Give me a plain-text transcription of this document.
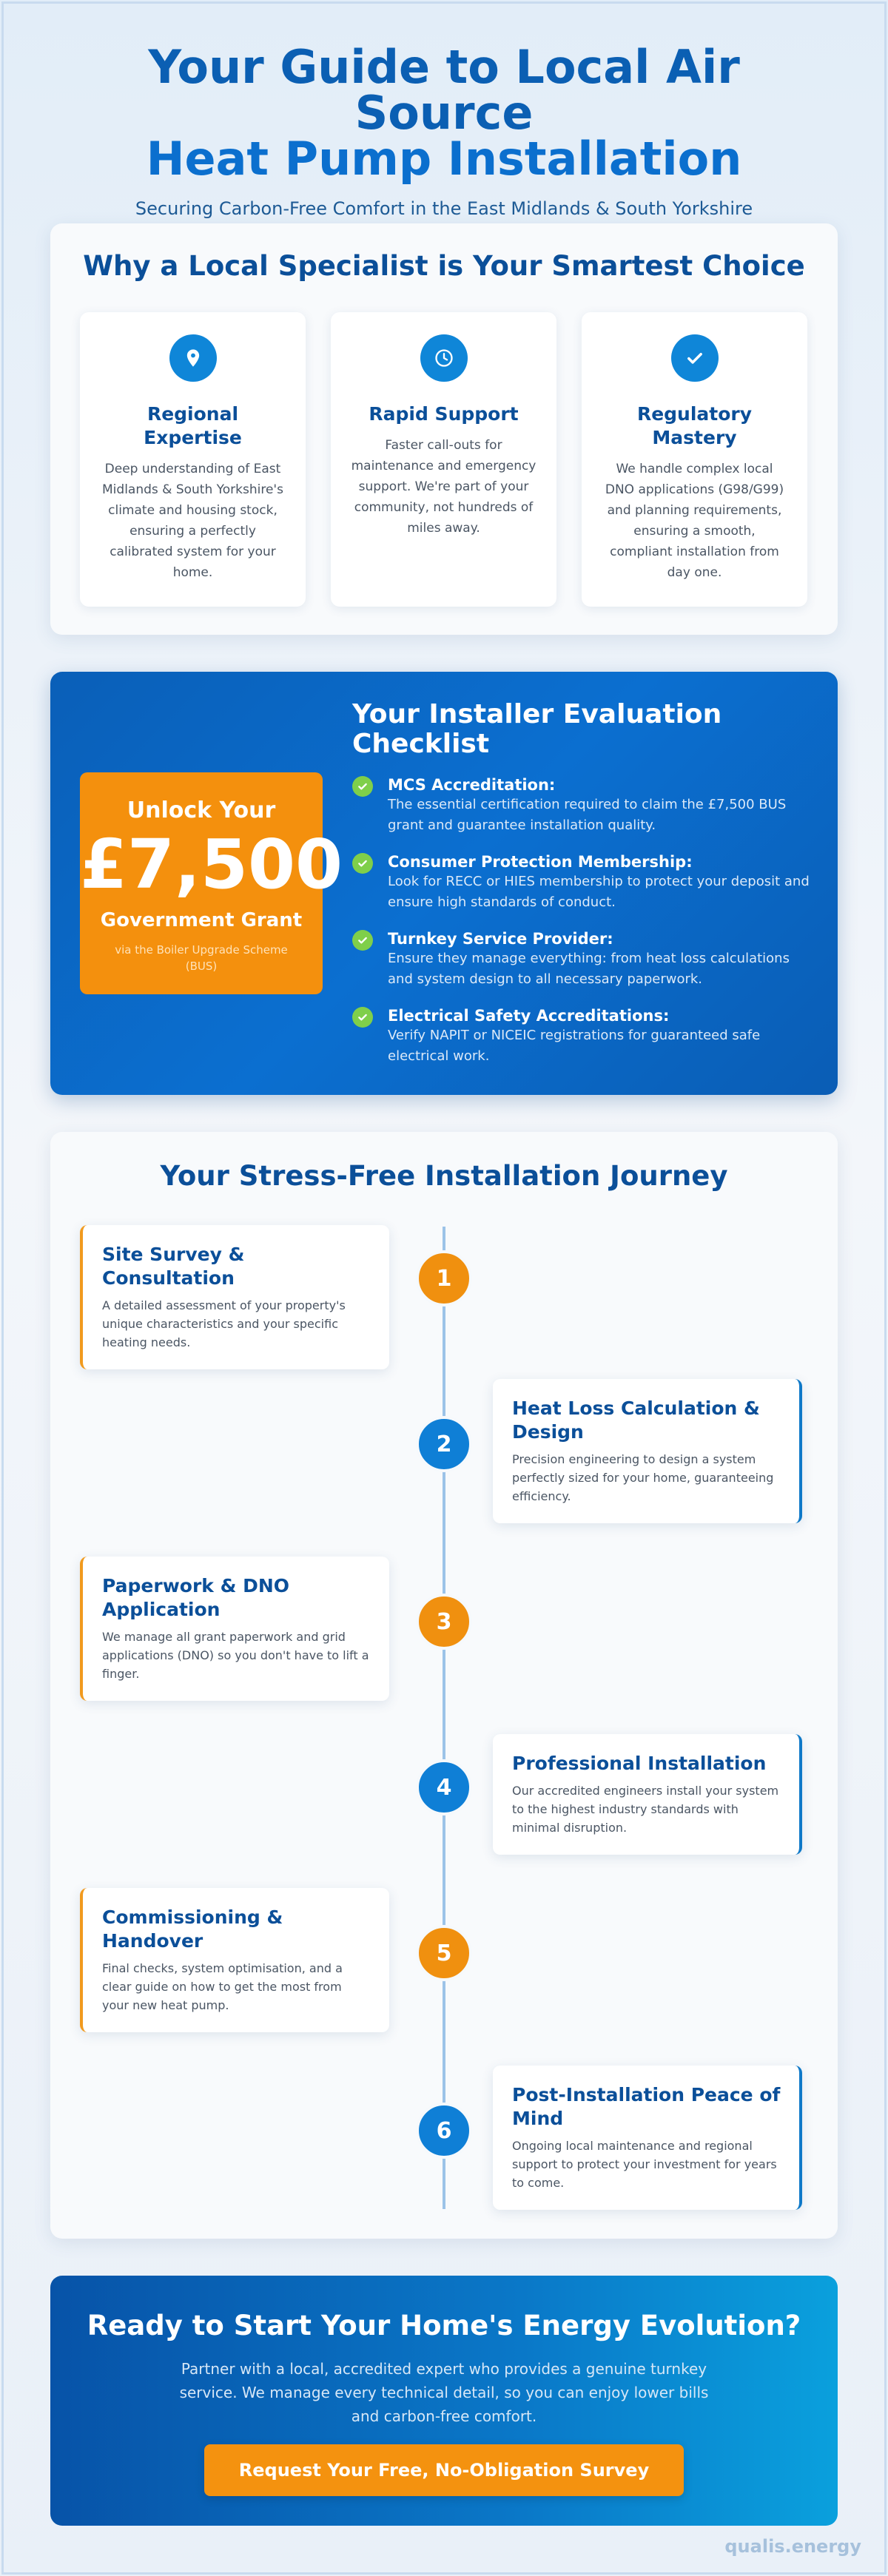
Your Guide to Local Air Source
Heat Pump Installation

Securing Carbon-Free Comfort in the East Midlands & South Yorkshire

Why a Local Specialist is Your Smartest Choice
Regional Expertise

Deep understanding of East Midlands & South Yorkshire's climate and housing stock, ensuring a perfectly calibrated system for your home.

Rapid Support

Faster call-outs for maintenance and emergency support. We're part of your community, not hundreds of miles away.

Regulatory Mastery

We handle complex local DNO applications (G98/G99) and planning requirements, ensuring a smooth, compliant installation from day one.

Unlock Your
£7,500
Government Grant
via the Boiler Upgrade Scheme (BUS)
Your Installer Evaluation Checklist
MCS Accreditation:

The essential certification required to claim the £7,500 BUS grant and guarantee installation quality.

Consumer Protection Membership:

Look for RECC or HIES membership to protect your deposit and ensure high standards of conduct.

Turnkey Service Provider:

Ensure they manage everything: from heat loss calculations and system design to all necessary paperwork.

Electrical Safety Accreditations:

Verify NAPIT or NICEIC registrations for guaranteed safe electrical work.

Your Stress-Free Installation Journey
Site Survey & Consultation

A detailed assessment of your property's unique characteristics and your specific heating needs.

1
Heat Loss Calculation & Design

Precision engineering to design a system perfectly sized for your home, guaranteeing efficiency.

2
Paperwork & DNO Application

We manage all grant paperwork and grid applications (DNO) so you don't have to lift a finger.

3
Professional Installation

Our accredited engineers install your system to the highest industry standards with minimal disruption.

4
Commissioning & Handover

Final checks, system optimisation, and a clear guide on how to get the most from your new heat pump.

5
Post-Installation Peace of Mind

Ongoing local maintenance and regional support to protect your investment for years to come.

6
Ready to Start Your Home's Energy Evolution?

Partner with a local, accredited expert who provides a genuine turnkey service. We manage every technical detail, so you can enjoy lower bills and carbon-free comfort.

Request Your Free, No-Obligation Survey
qualis.energy
